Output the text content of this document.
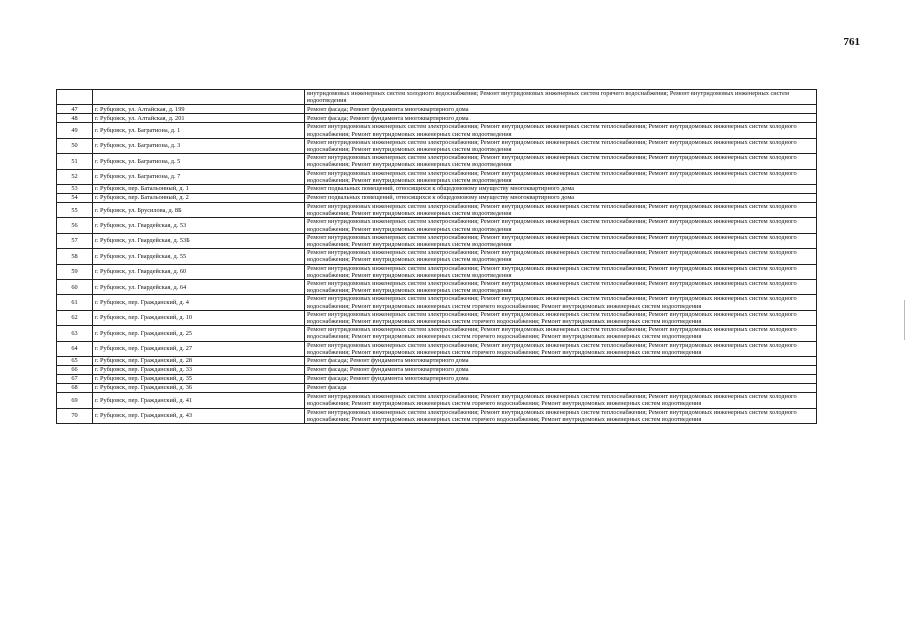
761
		внутридомовых инженерных систем холодного водоснабжения; Ремонт внутридомовых инженерных систем горячего водоснабжения; Ремонт внутридомовых инженерных систем водоотведения
47	г. Рубцовск, ул. Алтайская, д. 199	Ремонт фасада; Ремонт фундамента многоквартирного дома
48	г. Рубцовск, ул. Алтайская, д. 201	Ремонт фасада; Ремонт фундамента многоквартирного дома
49	г. Рубцовск, ул. Багратиона, д. 1	Ремонт внутридомовых инженерных систем электроснабжения; Ремонт внутридомовых инженерных систем теплоснабжения; Ремонт внутридомовых инженерных систем холодного водоснабжения; Ремонт внутридомовых инженерных систем водоотведения
50	г. Рубцовск, ул. Багратиона, д. 3	Ремонт внутридомовых инженерных систем электроснабжения; Ремонт внутридомовых инженерных систем теплоснабжения; Ремонт внутридомовых инженерных систем холодного водоснабжения; Ремонт внутридомовых инженерных систем водоотведения
51	г. Рубцовск, ул. Багратиона, д. 5	Ремонт внутридомовых инженерных систем электроснабжения; Ремонт внутридомовых инженерных систем теплоснабжения; Ремонт внутридомовых инженерных систем холодного водоснабжения; Ремонт внутридомовых инженерных систем водоотведения
52	г. Рубцовск, ул. Багратиона, д. 7	Ремонт внутридомовых инженерных систем электроснабжения; Ремонт внутридомовых инженерных систем теплоснабжения; Ремонт внутридомовых инженерных систем холодного водоснабжения; Ремонт внутридомовых инженерных систем водоотведения
53	г. Рубцовск, пер. Батальонный, д. 1	Ремонт подвальных помещений, относящихся к общедомовому имуществу многоквартирного дома
54	г. Рубцовск, пер. Батальонный, д. 2	Ремонт подвальных помещений, относящихся к общедомовому имуществу многоквартирного дома
55	г. Рубцовск, ул. Брусилова, д. 8Б	Ремонт внутридомовых инженерных систем электроснабжения; Ремонт внутридомовых инженерных систем теплоснабжения; Ремонт внутридомовых инженерных систем холодного водоснабжения; Ремонт внутридомовых инженерных систем водоотведения
56	г. Рубцовск, ул. Гвардейская, д. 53	Ремонт внутридомовых инженерных систем электроснабжения; Ремонт внутридомовых инженерных систем теплоснабжения; Ремонт внутридомовых инженерных систем холодного водоснабжения; Ремонт внутридомовых инженерных систем водоотведения
57	г. Рубцовск, ул. Гвардейская, д. 53Б	Ремонт внутридомовых инженерных систем электроснабжения; Ремонт внутридомовых инженерных систем теплоснабжения; Ремонт внутридомовых инженерных систем холодного водоснабжения; Ремонт внутридомовых инженерных систем водоотведения
58	г. Рубцовск, ул. Гвардейская, д. 55	Ремонт внутридомовых инженерных систем электроснабжения; Ремонт внутридомовых инженерных систем теплоснабжения; Ремонт внутридомовых инженерных систем холодного водоснабжения; Ремонт внутридомовых инженерных систем водоотведения
59	г. Рубцовск, ул. Гвардейская, д. 60	Ремонт внутридомовых инженерных систем электроснабжения; Ремонт внутридомовых инженерных систем теплоснабжения; Ремонт внутридомовых инженерных систем холодного водоснабжения; Ремонт внутридомовых инженерных систем водоотведения
60	г. Рубцовск, ул. Гвардейская, д. 64	Ремонт внутридомовых инженерных систем электроснабжения; Ремонт внутридомовых инженерных систем теплоснабжения; Ремонт внутридомовых инженерных систем холодного водоснабжения; Ремонт внутридомовых инженерных систем водоотведения
61	г. Рубцовск, пер. Гражданский, д. 4	Ремонт внутридомовых инженерных систем электроснабжения; Ремонт внутридомовых инженерных систем теплоснабжения; Ремонт внутридомовых инженерных систем холодного водоснабжения; Ремонт внутридомовых инженерных систем горячего водоснабжения; Ремонт внутридомовых инженерных систем водоотведения
62	г. Рубцовск, пер. Гражданский, д. 10	Ремонт внутридомовых инженерных систем электроснабжения; Ремонт внутридомовых инженерных систем теплоснабжения; Ремонт внутридомовых инженерных систем холодного водоснабжения; Ремонт внутридомовых инженерных систем горячего водоснабжения; Ремонт внутридомовых инженерных систем водоотведения
63	г. Рубцовск, пер. Гражданский, д. 25	Ремонт внутридомовых инженерных систем электроснабжения; Ремонт внутридомовых инженерных систем теплоснабжения; Ремонт внутридомовых инженерных систем холодного водоснабжения; Ремонт внутридомовых инженерных систем горячего водоснабжения; Ремонт внутридомовых инженерных систем водоотведения
64	г. Рубцовск, пер. Гражданский, д. 27	Ремонт внутридомовых инженерных систем электроснабжения; Ремонт внутридомовых инженерных систем теплоснабжения; Ремонт внутридомовых инженерных систем холодного водоснабжения; Ремонт внутридомовых инженерных систем горячего водоснабжения; Ремонт внутридомовых инженерных систем водоотведения
65	г. Рубцовск, пер. Гражданский, д. 28	Ремонт фасада; Ремонт фундамента многоквартирного дома
66	г. Рубцовск, пер. Гражданский, д. 33	Ремонт фасада; Ремонт фундамента многоквартирного дома
67	г. Рубцовск, пер. Гражданский, д. 35	Ремонт фасада; Ремонт фундамента многоквартирного дома
68	г. Рубцовск, пер. Гражданский, д. 36	Ремонт фасада
69	г. Рубцовск, пер. Гражданский, д. 41	Ремонт внутридомовых инженерных систем электроснабжения; Ремонт внутридомовых инженерных систем теплоснабжения; Ремонт внутридомовых инженерных систем холодного водоснабжения; Ремонт внутридомовых инженерных систем горячего водоснабжения; Ремонт внутридомовых инженерных систем водоотведения
70	г. Рубцовск, пер. Гражданский, д. 43	Ремонт внутридомовых инженерных систем электроснабжения; Ремонт внутридомовых инженерных систем теплоснабжения; Ремонт внутридомовых инженерных систем холодного водоснабжения; Ремонт внутридомовых инженерных систем горячего водоснабжения; Ремонт внутридомовых инженерных систем водоотведения
